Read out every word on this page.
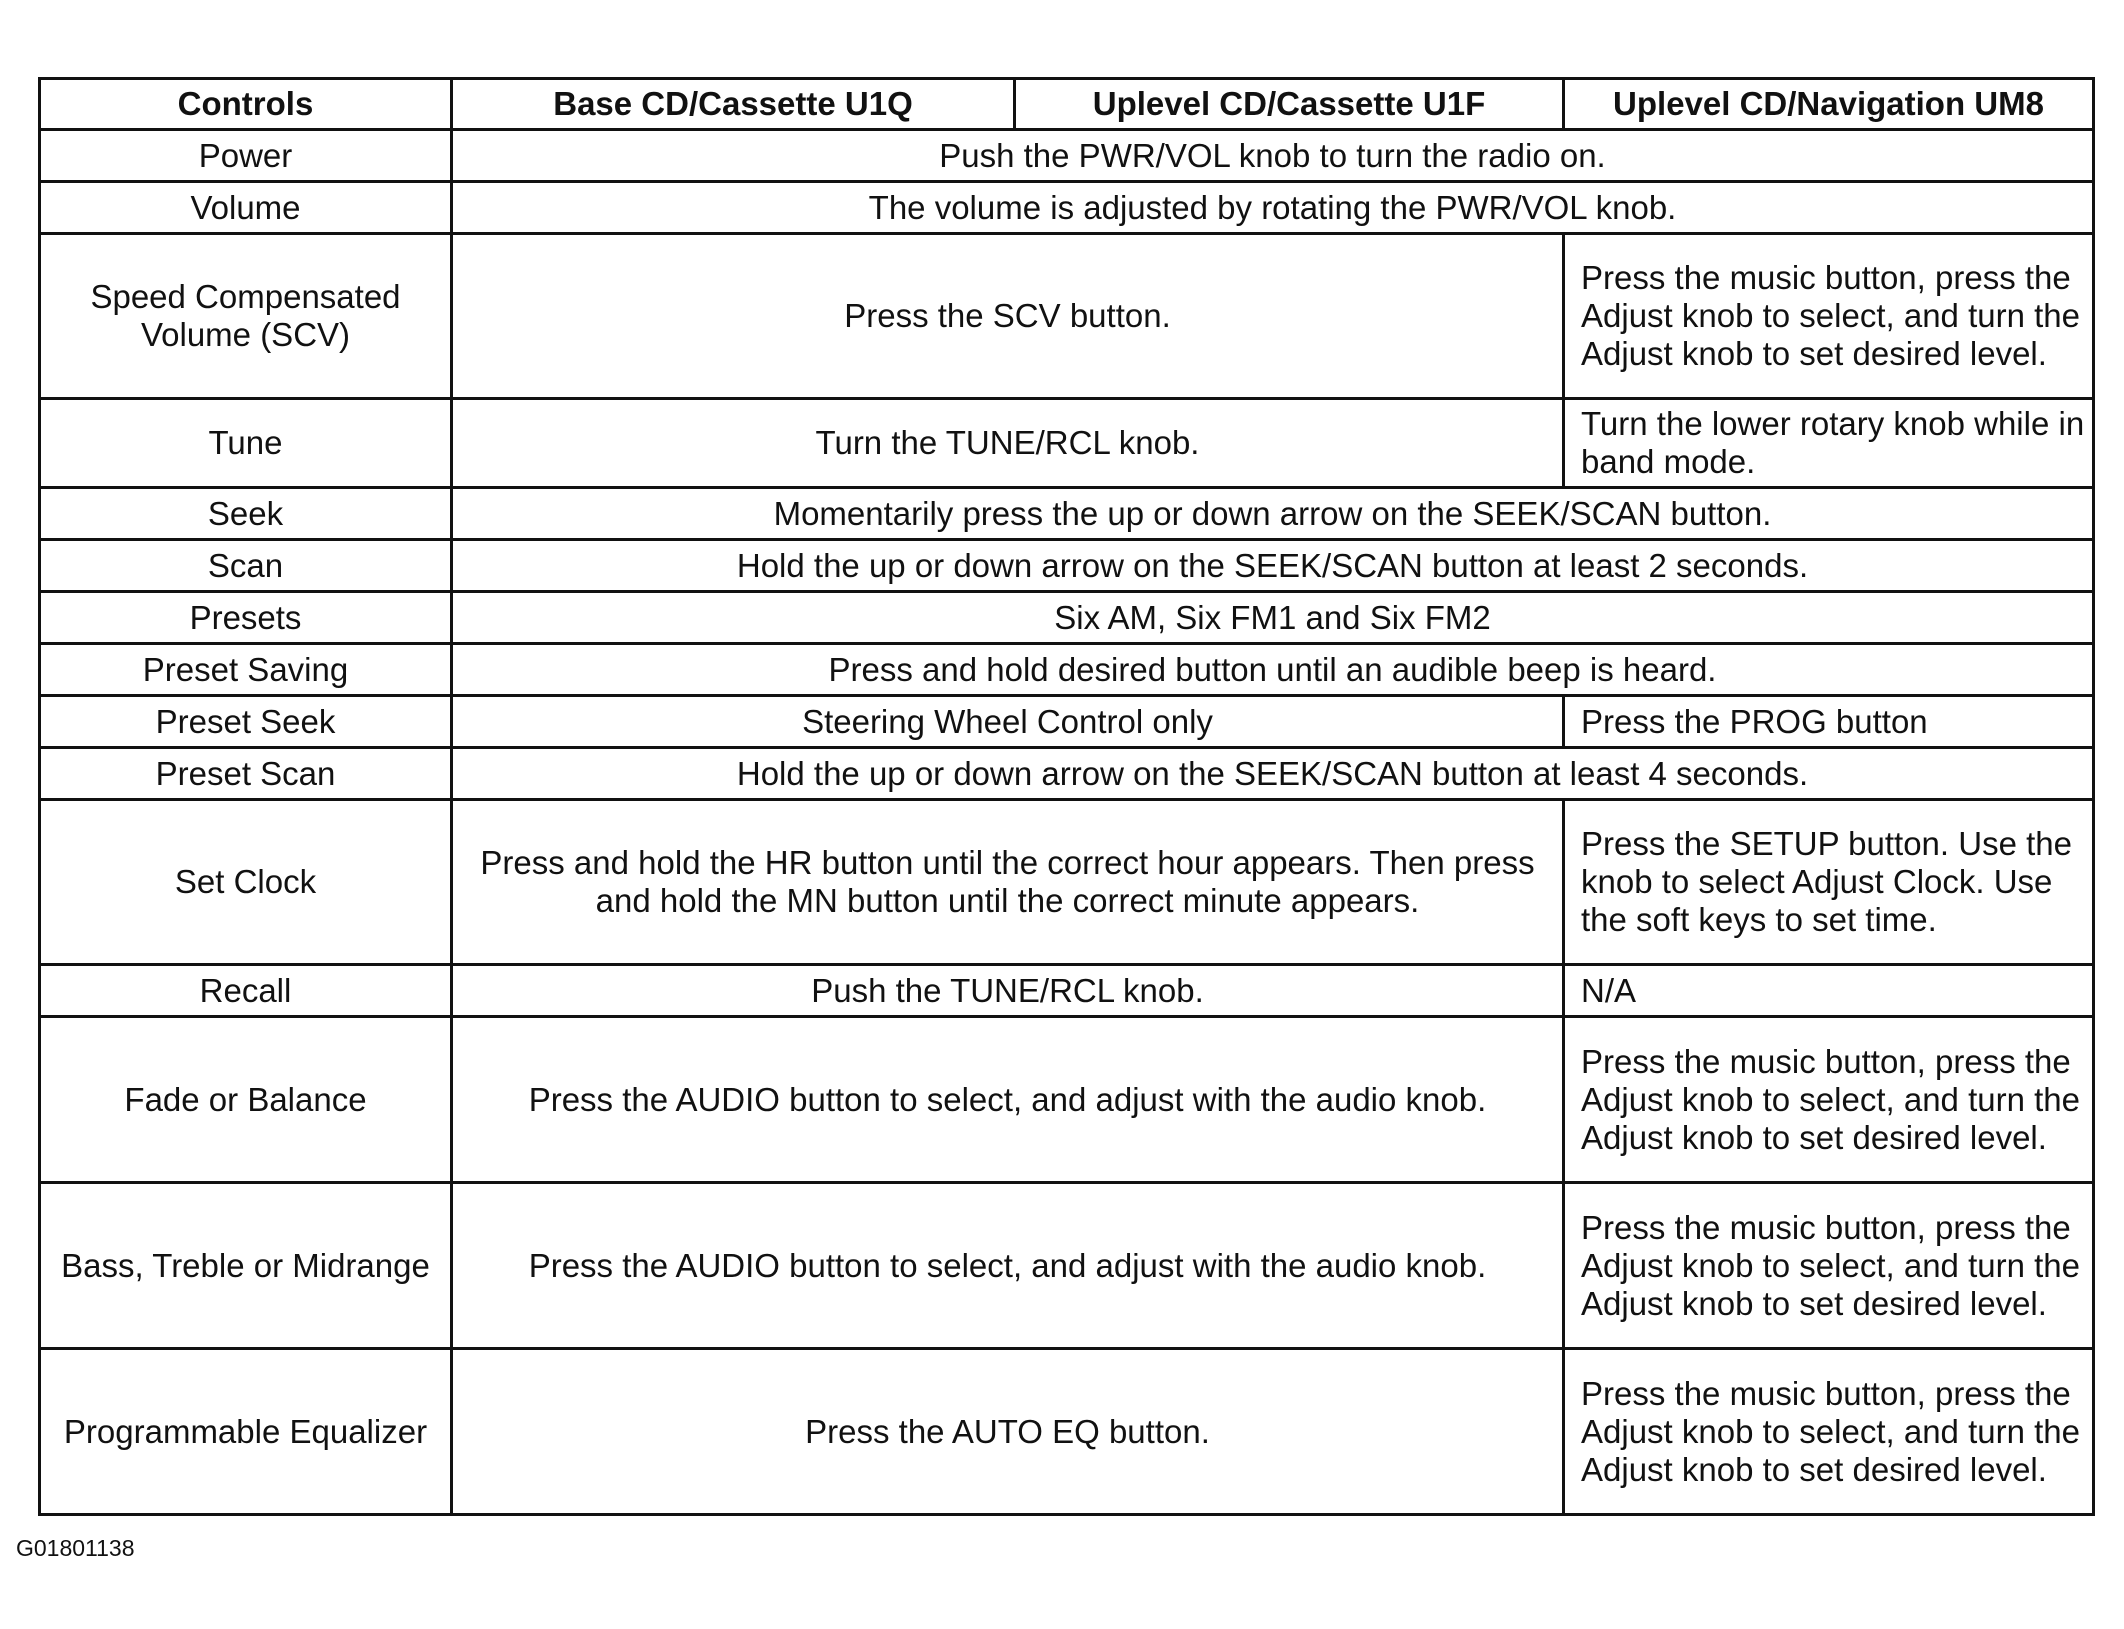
Controls	Base CD/Cassette U1Q	Uplevel CD/Cassette U1F	Uplevel CD/Navigation UM8
Power	Push the PWR/VOL knob to turn the radio on.		
Volume	The volume is adjusted by rotating the PWR/VOL knob.		
Speed Compensated Volume (SCV)	Press the SCV button.		Press the music button, press the Adjust knob to select, and turn the Adjust knob to set desired level.
Tune	Turn the TUNE/RCL knob.		Turn the lower rotary knob while in band mode.
Seek	Momentarily press the up or down arrow on the SEEK/SCAN button.		
Scan	Hold the up or down arrow on the SEEK/SCAN button at least 2 seconds.		
Presets	Six AM, Six FM1 and Six FM2		
Preset Saving	Press and hold desired button until an audible beep is heard.		
Preset Seek	Steering Wheel Control only		Press the PROG button
Preset Scan	Hold the up or down arrow on the SEEK/SCAN button at least 4 seconds.		
Set Clock	Press and hold the HR button until the correct hour appears. Then press and hold the MN button until the correct minute appears.		Press the SETUP button. Use the knob to select Adjust Clock. Use the soft keys to set time.
Recall	Push the TUNE/RCL knob.		N/A
Fade or Balance	Press the AUDIO button to select, and adjust with the audio knob.		Press the music button, press the Adjust knob to select, and turn the Adjust knob to set desired level.
Bass, Treble or Midrange	Press the AUDIO button to select, and adjust with the audio knob.		Press the music button, press the Adjust knob to select, and turn the Adjust knob to set desired level.
Programmable Equalizer	Press the AUTO EQ button.		Press the music button, press the Adjust knob to select, and turn the Adjust knob to set desired level.
G01801138
